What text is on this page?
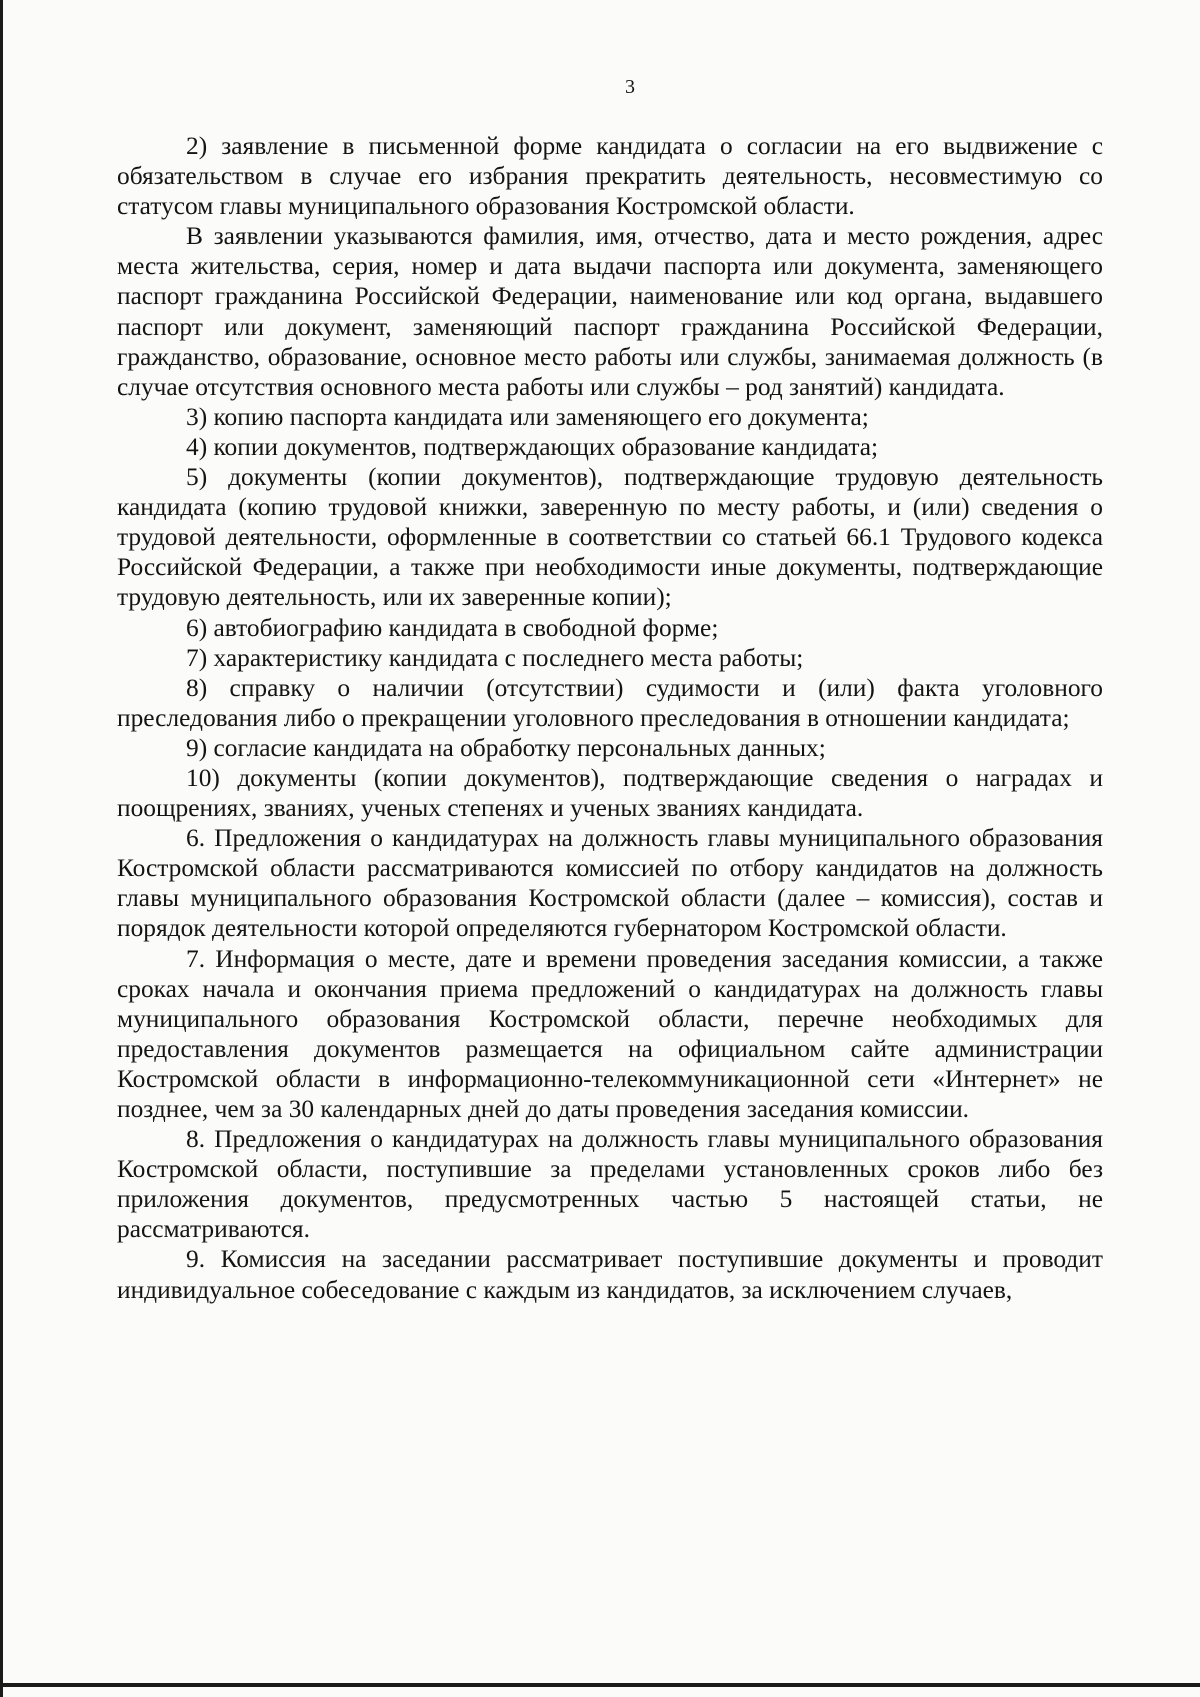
3

2) заявление в письменной форме кандидата о согласии на его выдвижение с обязательством в случае его избрания прекратить деятельность, несовместимую со статусом главы муниципального образования Костромской области.

В заявлении указываются фамилия, имя, отчество, дата и место рождения, адрес места жительства, серия, номер и дата выдачи паспорта или документа, заменяющего паспорт гражданина Российской Федерации, наименование или код органа, выдавшего паспорт или документ, заменяющий паспорт гражданина Российской Федерации, гражданство, образование, основное место работы или службы, занимаемая должность (в случае отсутствия основного места работы или службы – род занятий) кандидата.

3) копию паспорта кандидата или заменяющего его документа;

4) копии документов, подтверждающих образование кандидата;

5) документы (копии документов), подтверждающие трудовую деятельность кандидата (копию трудовой книжки, заверенную по месту работы, и (или) сведения о трудовой деятельности, оформленные в соответствии со статьей 66.1 Трудового кодекса Российской Федерации, а также при необходимости иные документы, подтверждающие трудовую деятельность, или их заверенные копии);

6) автобиографию кандидата в свободной форме;

7) характеристику кандидата с последнего места работы;

8) справку о наличии (отсутствии) судимости и (или) факта уголовного преследования либо о прекращении уголовного преследования в отношении кандидата;

9) согласие кандидата на обработку персональных данных;

10) документы (копии документов), подтверждающие сведения о наградах и поощрениях, званиях, ученых степенях и ученых званиях кандидата.

6. Предложения о кандидатурах на должность главы муниципального образования Костромской области рассматриваются комиссией по отбору кандидатов на должность главы муниципального образования Костромской области (далее – комиссия), состав и порядок деятельности которой определяются губернатором Костромской области.

7. Информация о месте, дате и времени проведения заседания комиссии, а также сроках начала и окончания приема предложений о кандидатурах на должность главы муниципального образования Костромской области, перечне необходимых для предоставления документов размещается на официальном сайте администрации Костромской области в информационно-телекоммуникационной сети «Интернет» не позднее, чем за 30 календарных дней до даты проведения заседания комиссии.

8. Предложения о кандидатурах на должность главы муниципального образования Костромской области, поступившие за пределами установленных сроков либо без приложения документов, предусмотренных частью 5 настоящей статьи, не рассматриваются.

9. Комиссия на заседании рассматривает поступившие документы и проводит индивидуальное собеседование с каждым из кандидатов, за исключением случаев,
